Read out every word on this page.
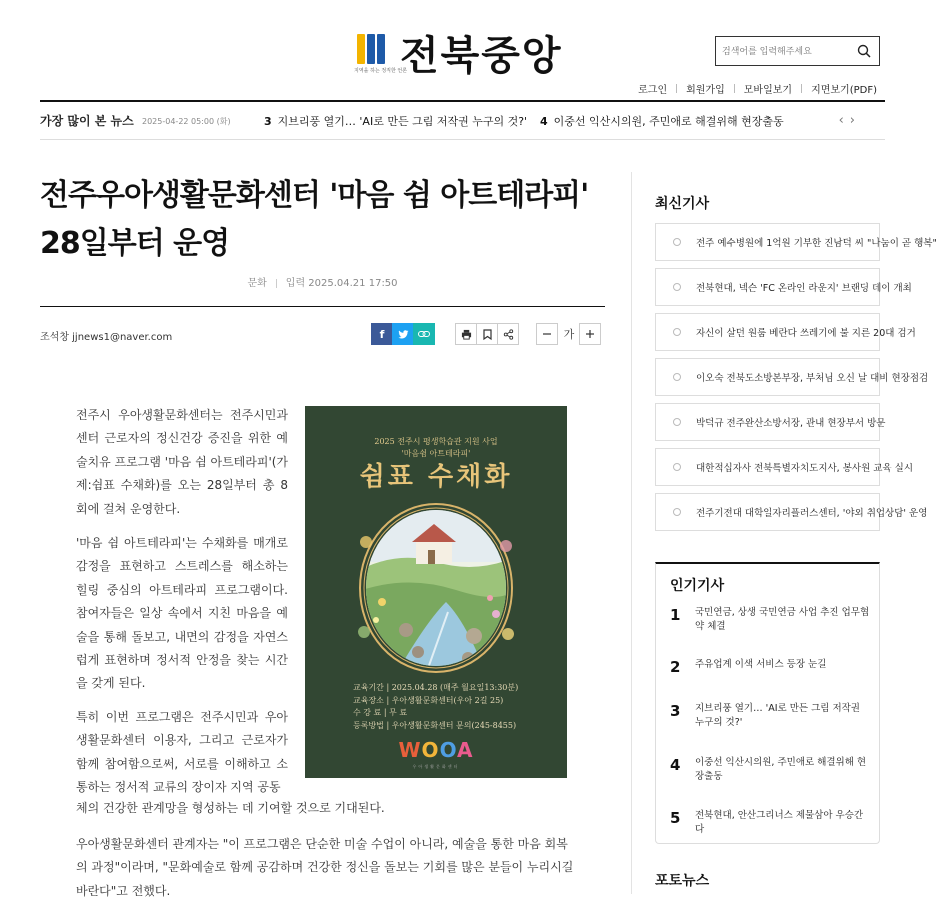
지역을 하는 정직한 언론
전북중앙
검색어를 입력해주세요
로그인 회원가입 모바일보기 지면보기(PDF)
가장 많이 본 뉴스 2025-04-22 05:00 (화)	3 지브리풍 열기… 'AI로 만든 그림 저작권 누구의 것?' 4 이중선 익산시의원, 주민애로 해결위해 현장출동	‹›
전주우아생활문화센터 '마음 쉼 아트테라피' 28일부터 운영
문화 입력 2025.04.21 17:50
조석창 jjnews1@naver.com	f	가

전주시 우아생활문화센터는 전주시민과 센터 근로자의 정신건강 증진을 위한 예술치유 프로그램 '마음 쉼 아트테라피'(가제:쉼표 수채화)를 오는 28일부터 총 8회에 걸쳐 운영한다.

'마음 쉼 아트테라피'는 수채화를 매개로 감정을 표현하고 스트레스를 해소하는 힐링 중심의 아트테라피 프로그램이다. 참여자들은 일상 속에서 지친 마음을 예술을 통해 돌보고, 내면의 감정을 자연스럽게 표현하며 정서적 안정을 찾는 시간을 갖게 된다.

특히 이번 프로그램은 전주시민과 우아생활문화센터 이용자, 그리고 근로자가 함께 참여함으로써, 서로를 이해하고 소통하는 정서적 교류의 장이자 지역 공동

체의 건강한 관계망을 형성하는 데 기여할 것으로 기대된다.

우아생활문화센터 관계자는 "이 프로그램은 단순한 미술 수업이 아니라, 예술을 통한 마음 회복의 과정"이라며, "문화예술로 함께 공감하며 건강한 정신을 돌보는 기회를 많은 분들이 누리시길 바란다"고 전했다.

2025 전주시 평생학습관 지원 사업
'마음쉼 아트테라피'
쉼표 수채화
교육기간 | 2025.04.28 (매주 월요일13:30분)
교육장소 | 우아생활문화센터(우아 2길 25)
수 강 료 | 무 료
등록방법 | 우아생활문화센터 문의(245-8455)
WOOA
우아생활문화센터
최신기사
전주 예수병원에 1억원 기부한 진남덕 씨 "나눔이 곧 행복"
전북현대, 넥슨 'FC 온라인 라운지' 브랜딩 데이 개최
자신이 살던 원룸 베란다 쓰레기에 불 지른 20대 검거
이오숙 전북도소방본부장, 부처님 오신 날 대비 현장점검
박덕규 전주완산소방서장, 관내 현장부서 방문
대한적십자사 전북특별자치도지사, 봉사원 교육 실시
전주기전대 대학일자리플러스센터, '야외 취업상담' 운영
인기기사
1	국민연금, 상생 국민연금 사업 추진 업무협약 체결
2	주유업계 이색 서비스 등장 눈길
3	지브리풍 열기… 'AI로 만든 그림 저작권 누구의 것?'
4	이중선 익산시의원, 주민애로 해결위해 현장출동
5	전북현대, 안산그리너스 제물삼아 우승간다
포토뉴스
